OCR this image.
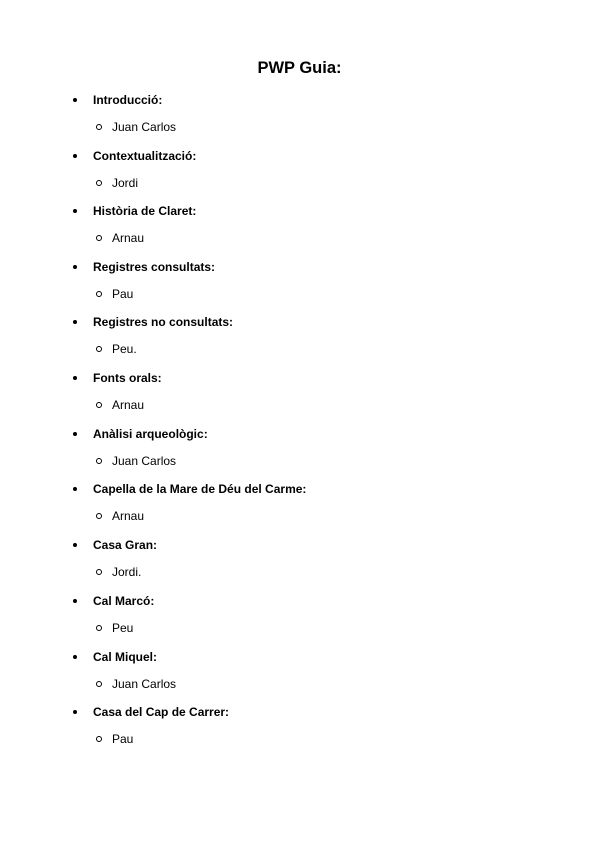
PWP Guia:
Introducció:
Juan Carlos
Contextualització:
Jordi
Història de Claret:
Arnau
Registres consultats:
Pau
Registres no consultats:
Peu.
Fonts orals:
Arnau
Anàlisi arqueològic:
Juan Carlos
Capella de la Mare de Déu del Carme:
Arnau
Casa Gran:
Jordi.
Cal Marcó:
Peu
Cal Miquel:
Juan Carlos
Casa del Cap de Carrer:
Pau
